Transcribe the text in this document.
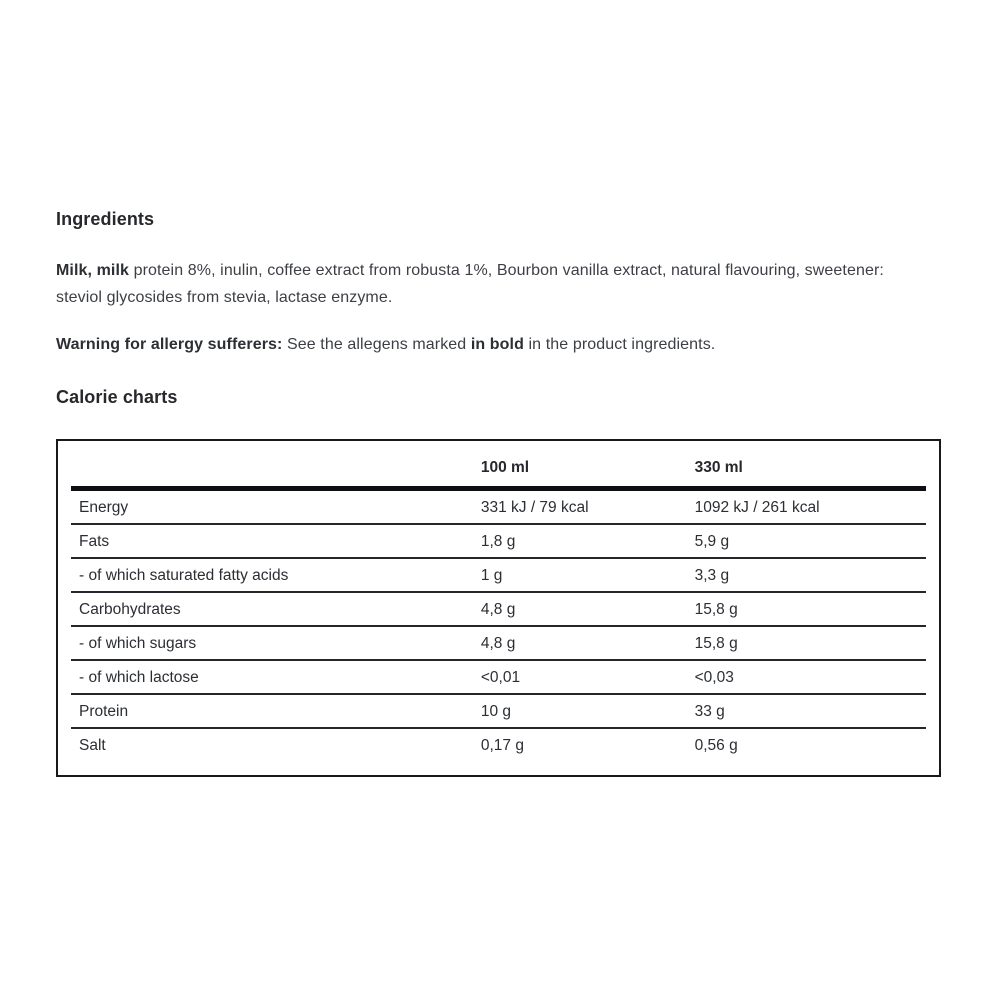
Ingredients

Milk, milk protein 8%, inulin, coffee extract from robusta 1%, Bourbon vanilla extract, natural flavouring, sweetener:
steviol glycosides from stevia, lactase enzyme.

Warning for allergy sufferers: See the allegens marked in bold in the product ingredients.

Calorie charts
	100 ml	330 ml
Energy	331 kJ / 79 kcal	1092 kJ / 261 kcal
Fats	1,8 g	5,9 g
- of which saturated fatty acids	1 g	3,3 g
Carbohydrates	4,8 g	15,8 g
- of which sugars	4,8 g	15,8 g
- of which lactose	<0,01	<0,03
Protein	10 g	33 g
Salt	0,17 g	0,56 g
